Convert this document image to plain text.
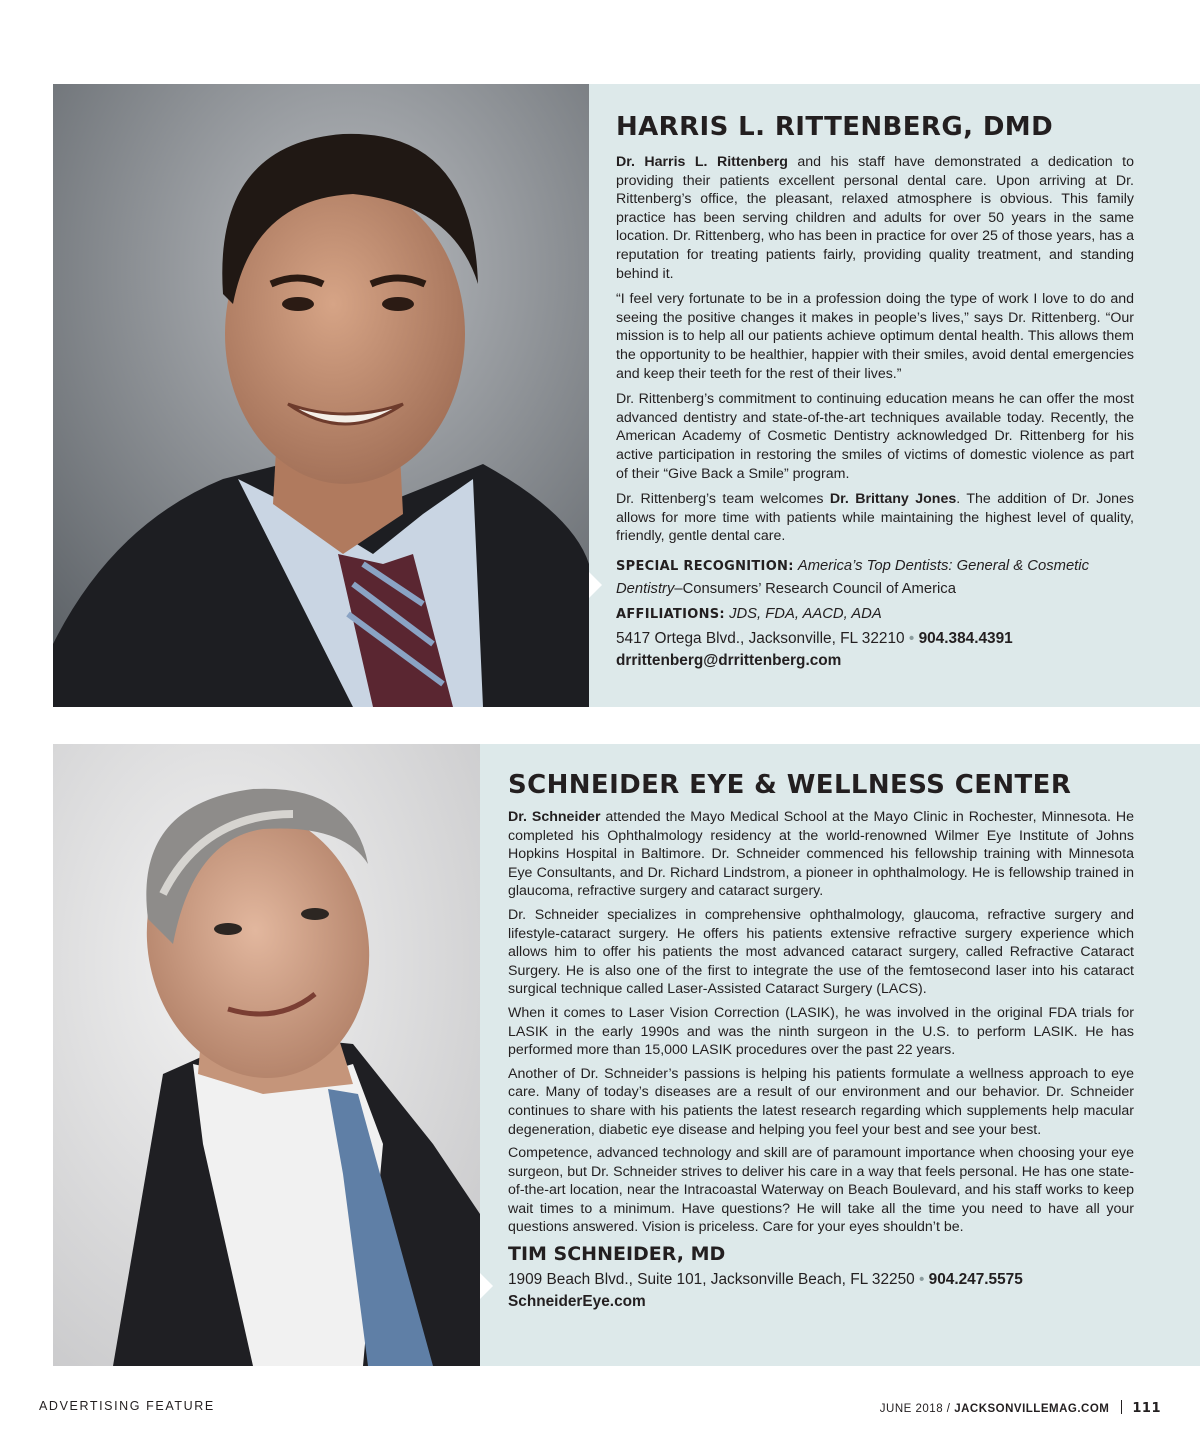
HARRIS L. RITTENBERG, DMD

Dr. Harris L. Rittenberg and his staff have demonstrated a dedication to providing their patients excellent personal dental care. Upon arriving at Dr. Rittenberg’s office, the pleasant, relaxed atmosphere is obvious. This family practice has been serving children and adults for over 50 years in the same location. Dr. Rittenberg, who has been in practice for over 25 of those years, has a reputation for treating patients fairly, providing quality treatment, and standing behind it.

“I feel very fortunate to be in a profession doing the type of work I love to do and seeing the positive changes it makes in people’s lives,” says Dr. Rittenberg. “Our mission is to help all our patients achieve optimum dental health. This allows them the opportunity to be healthier, happier with their smiles, avoid dental emergencies and keep their teeth for the rest of their lives.”

Dr. Rittenberg’s commitment to continuing education means he can offer the most advanced dentistry and state-of-the-art techniques available today. Recently, the American Academy of Cosmetic Dentistry acknowledged Dr. Rittenberg for his active participation in restoring the smiles of victims of domestic violence as part of their “Give Back a Smile” program.

Dr. Rittenberg’s team welcomes Dr. Brittany Jones. The addition of Dr. Jones allows for more time with patients while maintaining the highest level of quality, friendly, gentle dental care.

SPECIAL RECOGNITION: America’s Top Dentists: General & Cosmetic Dentistry–Consumers’ Research Council of America

AFFILIATIONS: JDS, FDA, AACD, ADA

5417 Ortega Blvd., Jacksonville, FL 32210 • 904.384.4391

drrittenberg@drrittenberg.com

SCHNEIDER EYE & WELLNESS CENTER

Dr. Schneider attended the Mayo Medical School at the Mayo Clinic in Rochester, Minnesota. He completed his Ophthalmology residency at the world-renowned Wilmer Eye Institute of Johns Hopkins Hospital in Baltimore. Dr. Schneider commenced his fellowship training with Minnesota Eye Consultants, and Dr. Richard Lindstrom, a pioneer in ophthalmology. He is fellowship trained in glaucoma, refractive surgery and cataract surgery.

Dr. Schneider specializes in comprehensive ophthalmology, glaucoma, refractive surgery and lifestyle-cataract surgery. He offers his patients extensive refractive surgery experience which allows him to offer his patients the most advanced cataract surgery, called Refractive Cataract Surgery. He is also one of the first to integrate the use of the femtosecond laser into his cataract surgical technique called Laser-Assisted Cataract Surgery (LACS).

When it comes to Laser Vision Correction (LASIK), he was involved in the original FDA trials for LASIK in the early 1990s and was the ninth surgeon in the U.S. to perform LASIK. He has performed more than 15,000 LASIK procedures over the past 22 years.

Another of Dr. Schneider’s passions is helping his patients formulate a wellness approach to eye care. Many of today’s diseases are a result of our environment and our behavior. Dr. Schneider continues to share with his patients the latest research regarding which supplements help macular degeneration, diabetic eye disease and helping you feel your best and see your best.

Competence, advanced technology and skill are of paramount importance when choosing your eye surgeon, but Dr. Schneider strives to deliver his care in a way that feels personal. He has one state-of-the-art location, near the Intracoastal Waterway on Beach Boulevard, and his staff works to keep wait times to a minimum. Have questions? He will take all the time you need to have all your questions answered. Vision is priceless. Care for your eyes shouldn’t be.

TIM SCHNEIDER, MD

1909 Beach Blvd., Suite 101, Jacksonville Beach, FL 32250 • 904.247.5575

SchneiderEye.com

ADVERTISING FEATURE	JUNE 2018 / JACKSONVILLEMAG.COM 111
